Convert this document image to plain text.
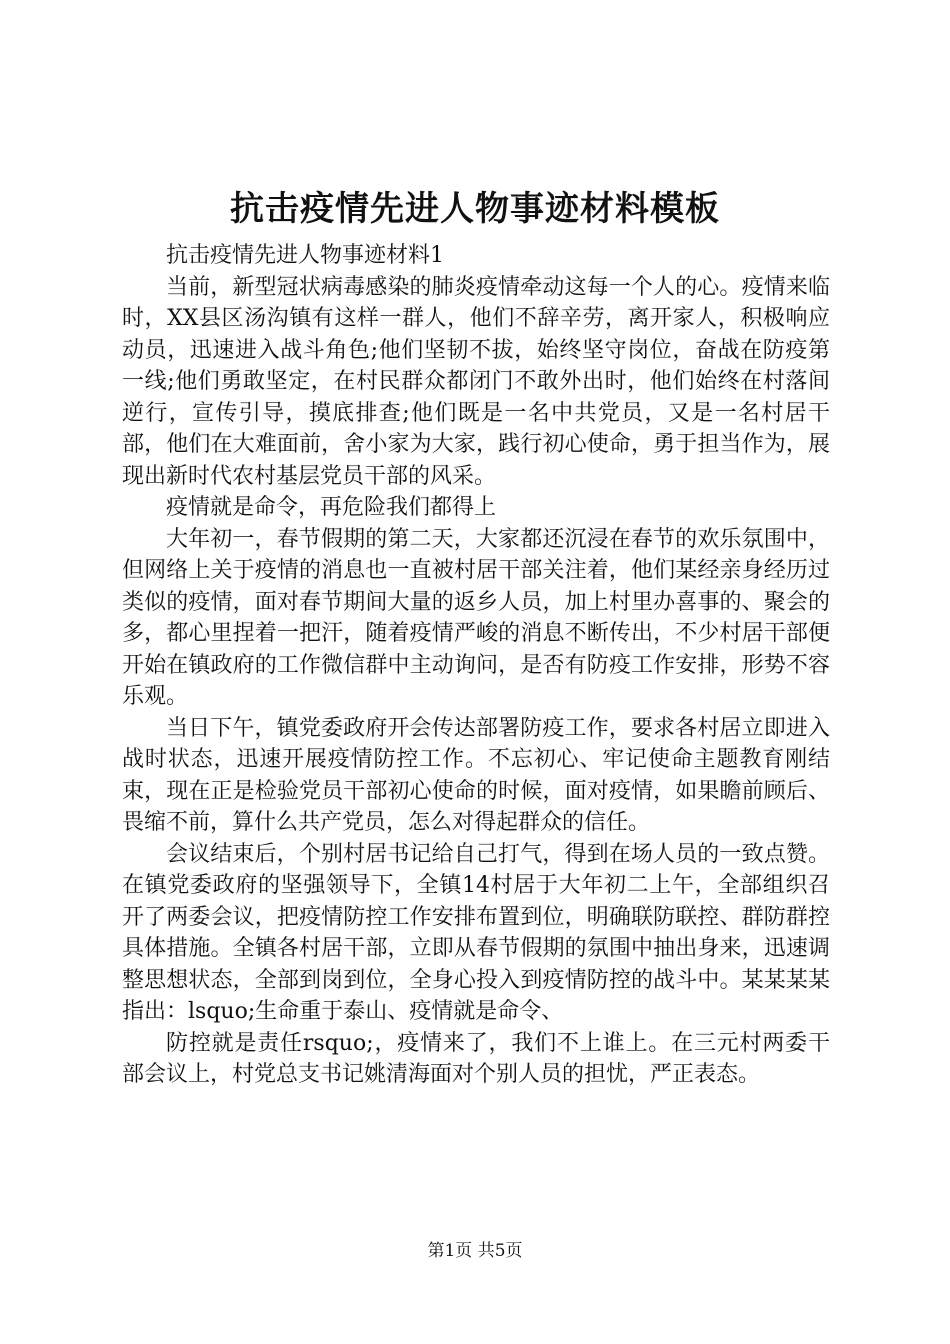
抗击疫情先进人物事迹材料模板

抗击疫情先进人物事迹材料1

当前，新型冠状病毒感染的肺炎疫情牵动这每一个人的心。疫情来临时，XX县区汤沟镇有这样一群人，他们不辞辛劳，离开家人，积极响应动员，迅速进入战斗角色;他们坚韧不拔，始终坚守岗位，奋战在防疫第一线;他们勇敢坚定，在村民群众都闭门不敢外出时，他们始终在村落间逆行，宣传引导，摸底排查;他们既是一名中共党员，又是一名村居干部，他们在大难面前，舍小家为大家，践行初心使命，勇于担当作为，展现出新时代农村基层党员干部的风采。

疫情就是命令，再危险我们都得上

大年初一，春节假期的第二天，大家都还沉浸在春节的欢乐氛围中，但网络上关于疫情的消息也一直被村居干部关注着，他们某经亲身经历过类似的疫情，面对春节期间大量的返乡人员，加上村里办喜事的、聚会的多，都心里捏着一把汗，随着疫情严峻的消息不断传出，不少村居干部便开始在镇政府的工作微信群中主动询问，是否有防疫工作安排，形势不容乐观。

当日下午，镇党委政府开会传达部署防疫工作，要求各村居立即进入战时状态，迅速开展疫情防控工作。不忘初心、牢记使命主题教育刚结束，现在正是检验党员干部初心使命的时候，面对疫情，如果瞻前顾后、畏缩不前，算什么共产党员，怎么对得起群众的信任。

会议结束后，个别村居书记给自己打气，得到在场人员的一致点赞。在镇党委政府的坚强领导下，全镇14村居于大年初二上午，全部组织召开了两委会议，把疫情防控工作安排布置到位，明确联防联控、群防群控具体措施。全镇各村居干部，立即从春节假期的氛围中抽出身来，迅速调整思想状态，全部到岗到位，全身心投入到疫情防控的战斗中。某某某某指出：lsquo;生命重于泰山、疫情就是命令、

防控就是责任rsquo;，疫情来了，我们不上谁上。在三元村两委干部会议上，村党总支书记姚清海面对个别人员的担忧，严正表态。

第1页 共5页
